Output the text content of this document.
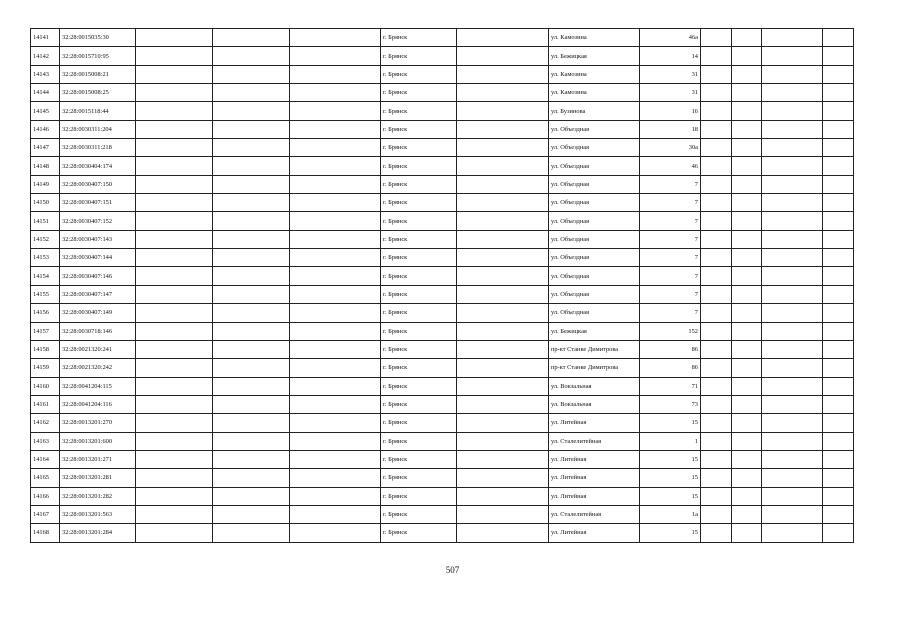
14141	32:28:0015035:30				г. Брянск		ул. Камозина	46а				
14142	32:28:0015710:95				г. Брянск		ул. Бежицкая	14				
14143	32:28:0015008:21				г. Брянск		ул. Камозина	31				
14144	32:28:0015008:25				г. Брянск		ул. Камозина	31				
14145	32:28:0015118:44				г. Брянск		ул. Бузинова	16				
14146	32:28:0030311:204				г. Брянск		ул. Объездная	18				
14147	32:28:0030311:218				г. Брянск		ул. Объездная	30а				
14148	32:28:0030404:174				г. Брянск		ул. Объездная	46				
14149	32:28:0030407:150				г. Брянск		ул. Объездная	7				
14150	32:28:0030407:151				г. Брянск		ул. Объездная	7				
14151	32:28:0030407:152				г. Брянск		ул. Объездная	7				
14152	32:28:0030407:143				г. Брянск		ул. Объездная	7				
14153	32:28:0030407:144				г. Брянск		ул. Объездная	7				
14154	32:28:0030407:146				г. Брянск		ул. Объездная	7				
14155	32:28:0030407:147				г. Брянск		ул. Объездная	7				
14156	32:28:0030407:149				г. Брянск		ул. Объездная	7				
14157	32:28:0030718:146				г. Брянск		ул. Бежицкая	152				
14158	32:28:0021320:241				г. Брянск		пр-кт Станке Димитрова	86				
14159	32:28:0021320:242				г. Брянск		пр-кт Станке Димитрова	86				
14160	32:28:0041204:115				г. Брянск		ул. Вокзальная	71				
14161	32:28:0041204:116				г. Брянск		ул. Вокзальная	73				
14162	32:28:0013201:270				г. Брянск		ул. Литейная	15				
14163	32:28:0013201:600				г. Брянск		ул. Сталелитейная	1				
14164	32:28:0013201:271				г. Брянск		ул. Литейная	15				
14165	32:28:0013201:281				г. Брянск		ул. Литейная	15				
14166	32:28:0013201:282				г. Брянск		ул. Литейная	15				
14167	32:28:0013201:563				г. Брянск		ул. Сталелитейная	1а				
14168	32:28:0013201:284				г. Брянск		ул. Литейная	15				
507
